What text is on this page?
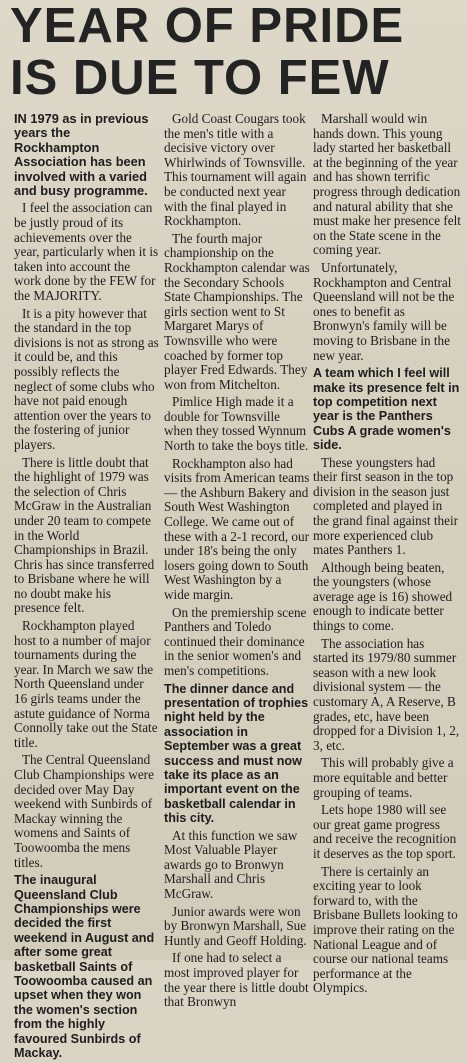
YEAR OF PRIDE
IS DUE TO FEW

IN 1979 as in previous years the Rockhampton Association has been involved with a varied and busy programme.

I feel the association can be justly proud of its achievements over the year, particularly when it is taken into account the work done by the FEW for the MAJORITY.

It is a pity however that the standard in the top divisions is not as strong as it could be, and this possibly reflects the neglect of some clubs who have not paid enough attention over the years to the fostering of junior players.

There is little doubt that the highlight of 1979 was the selection of Chris McGraw in the Australian under 20 team to compete in the World Championships in Brazil. Chris has since transferred to Brisbane where he will no doubt make his presence felt.

Rockhampton played host to a number of major tournaments during the year. In March we saw the North Queensland under 16 girls teams under the astute guidance of Norma Connolly take out the State title.

The Central Queensland Club Championships were decided over May Day weekend with Sunbirds of Mackay winning the womens and Saints of Toowoomba the mens titles.

The inaugural Queensland Club Championships were decided the first weekend in August and after some great basketball Saints of Toowoomba caused an upset when they won the women's section from the highly favoured Sunbirds of Mackay.

Gold Coast Cougars took the men's title with a decisive victory over Whirlwinds of Townsville. This tournament will again be conducted next year with the final played in Rockhampton.

The fourth major championship on the Rockhampton calendar was the Secondary Schools State Championships. The girls section went to St Margaret Marys of Townsville who were coached by former top player Fred Edwards. They won from Mitchelton.

Pimlice High made it a double for Townsville when they tossed Wynnum North to take the boys title.

Rockhampton also had visits from American teams — the Ashburn Bakery and South West Washington College. We came out of these with a 2-1 record, our under 18's being the only losers going down to South West Washington by a wide margin.

On the premiership scene Panthers and Toledo continued their dominance in the senior women's and men's competitions.

The dinner dance and presentation of trophies night held by the association in September was a great success and must now take its place as an important event on the basketball calendar in this city.

At this function we saw Most Valuable Player awards go to Bronwyn Marshall and Chris McGraw.

Junior awards were won by Bronwyn Marshall, Sue Huntly and Geoff Holding.

If one had to select a most improved player for the year there is little doubt that Bronwyn

Marshall would win hands down. This young lady started her basketball at the beginning of the year and has shown terrific progress through dedication and natural ability that she must make her presence felt on the State scene in the coming year.

Unfortunately, Rockhampton and Central Queensland will not be the ones to benefit as Bronwyn's family will be moving to Brisbane in the new year.

A team which I feel will make its presence felt in top competition next year is the Panthers Cubs A grade women's side.

These youngsters had their first season in the top division in the season just completed and played in the grand final against their more experienced club mates Panthers 1.

Although being beaten, the youngsters (whose average age is 16) showed enough to indicate better things to come.

The association has started its 1979/80 summer season with a new look divisional system — the customary A, A Reserve, B grades, etc, have been dropped for a Division 1, 2, 3, etc.

This will probably give a more equitable and better grouping of teams.

Lets hope 1980 will see our great game progress and receive the recognition it deserves as the top sport.

There is certainly an exciting year to look forward to, with the Brisbane Bullets looking to improve their rating on the National League and of course our national teams performance at the Olympics.
